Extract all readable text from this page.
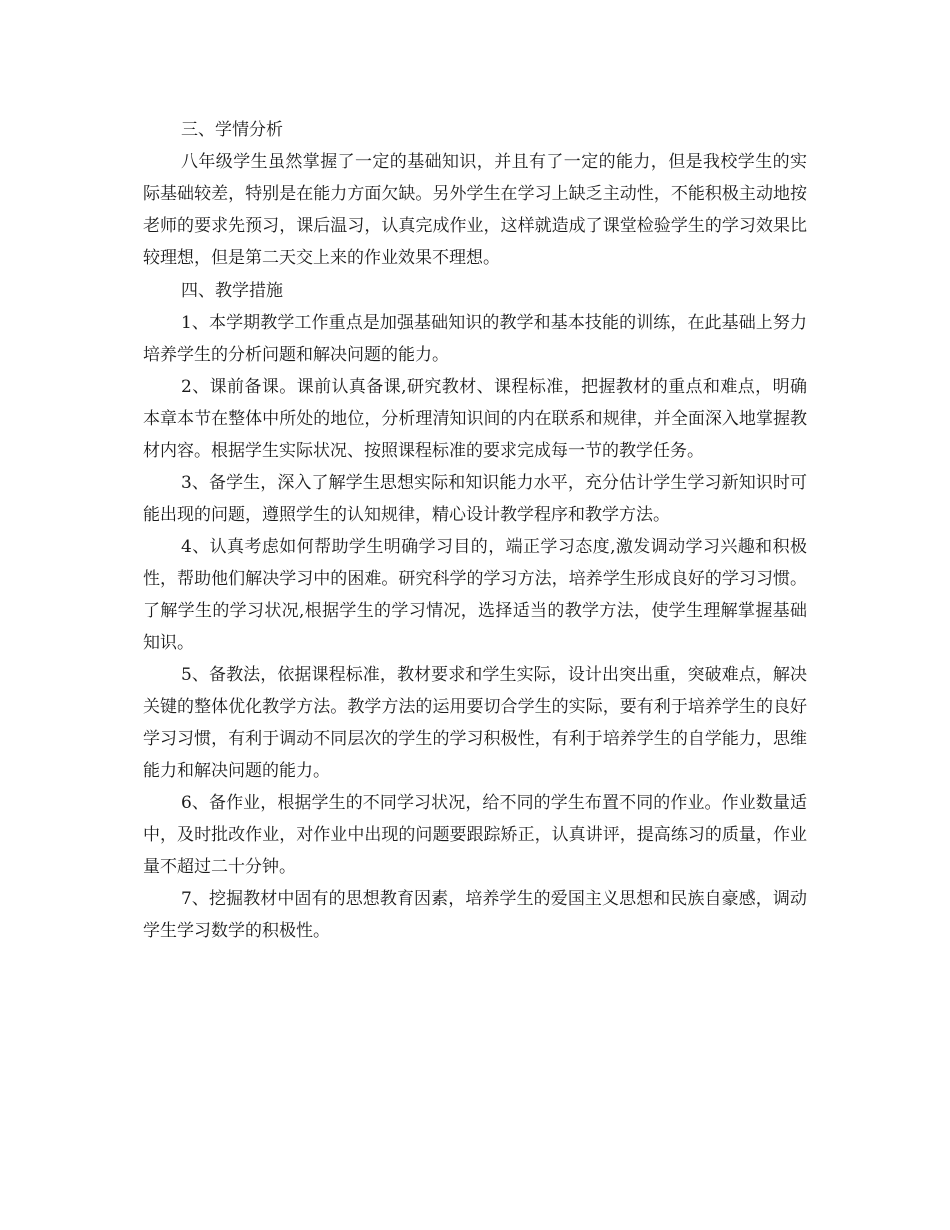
三、学情分析

八年级学生虽然掌握了一定的基础知识，并且有了一定的能力，但是我校学生的实际基础较差，特别是在能力方面欠缺。另外学生在学习上缺乏主动性，不能积极主动地按老师的要求先预习，课后温习，认真完成作业，这样就造成了课堂检验学生的学习效果比较理想，但是第二天交上来的作业效果不理想。

四、教学措施

1、本学期教学工作重点是加强基础知识的教学和基本技能的训练，在此基础上努力培养学生的分析问题和解决问题的能力。

2、课前备课。课前认真备课,研究教材、课程标准，把握教材的重点和难点，明确本章本节在整体中所处的地位，分析理清知识间的内在联系和规律，并全面深入地掌握教材内容。根据学生实际状况、按照课程标准的要求完成每一节的教学任务。

3、备学生，深入了解学生思想实际和知识能力水平，充分估计学生学习新知识时可能出现的问题，遵照学生的认知规律，精心设计教学程序和教学方法。

4、认真考虑如何帮助学生明确学习目的，端正学习态度,激发调动学习兴趣和积极性，帮助他们解决学习中的困难。研究科学的学习方法，培养学生形成良好的学习习惯。了解学生的学习状况,根据学生的学习情况，选择适当的教学方法，使学生理解掌握基础知识。

5、备教法，依据课程标准，教材要求和学生实际，设计出突出重，突破难点，解决关键的整体优化教学方法。教学方法的运用要切合学生的实际，要有利于培养学生的良好学习习惯，有利于调动不同层次的学生的学习积极性，有利于培养学生的自学能力，思维能力和解决问题的能力。

6、备作业，根据学生的不同学习状况，给不同的学生布置不同的作业。作业数量适中，及时批改作业，对作业中出现的问题要跟踪矫正，认真讲评，提高练习的质量，作业量不超过二十分钟。

7、挖掘教材中固有的思想教育因素，培养学生的爱国主义思想和民族自豪感，调动学生学习数学的积极性。
